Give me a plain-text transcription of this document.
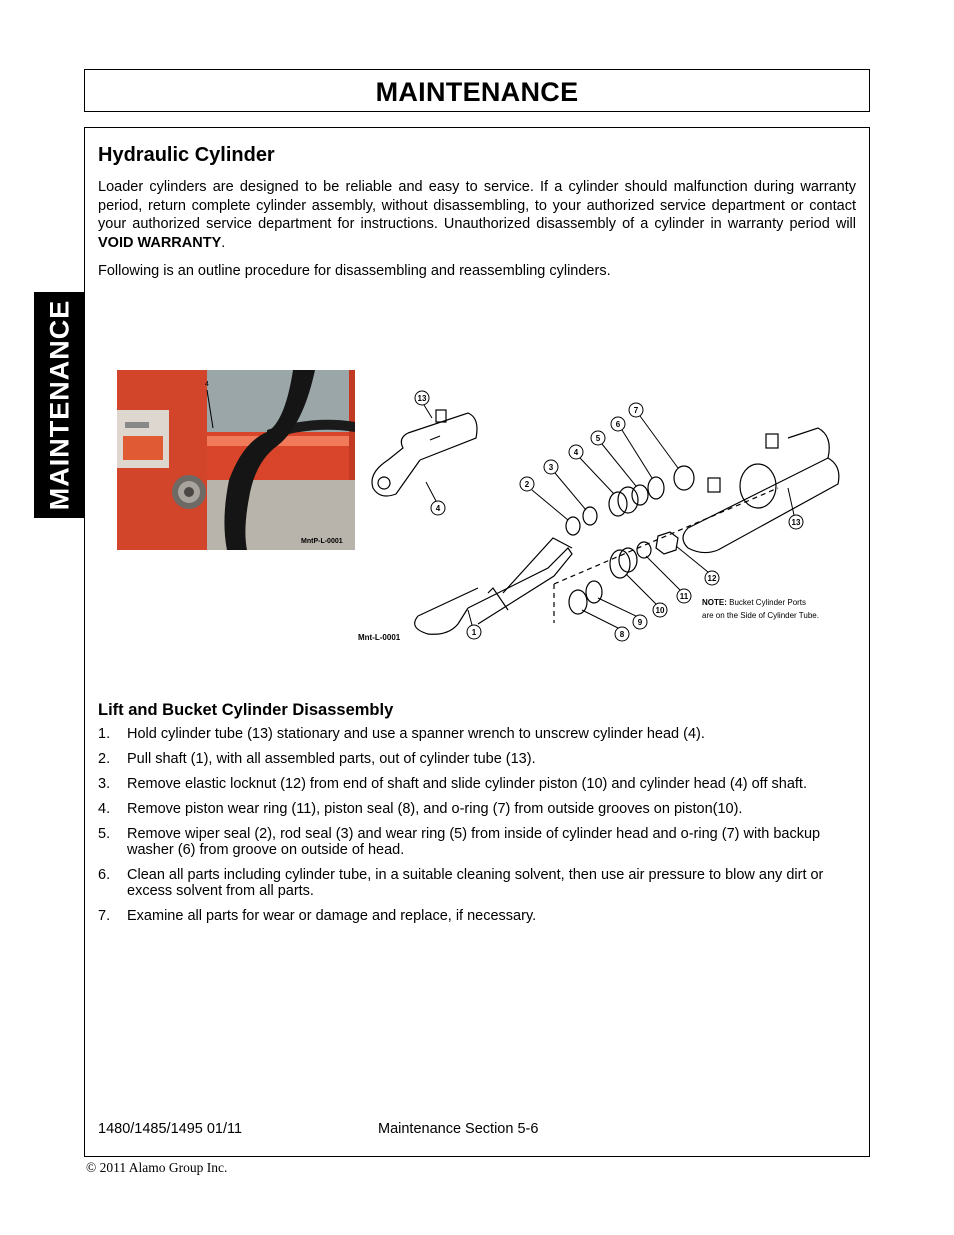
MAINTENANCE
MAINTENANCE
Hydraulic Cylinder

Loader cylinders are designed to be reliable and easy to service. If a cylinder should malfunction during warranty period, return complete cylinder assembly, without disassembling, to your authorized service department or contact your authorized service department for instructions. Unauthorized disassembly of a cylinder in warranty period will VOID WARRANTY.

Following is an outline procedure for disassembling and reassembling cylinders.

4
MntP-L-0001
13
4
2
3
4
5
6
7
1	8
9
10
11
12
13
NOTE: Bucket Cylinder Ports
are on the Side of Cylinder Tube.
Mnt-L-0001
Lift and Bucket Cylinder Disassembly
1. Hold cylinder tube (13) stationary and use a spanner wrench to unscrew cylinder head (4).
2. Pull shaft (1), with all assembled parts, out of cylinder tube (13).
3. Remove elastic locknut (12) from end of shaft and slide cylinder piston (10) and cylinder head (4) off shaft.
4. Remove piston wear ring (11), piston seal (8), and o-ring (7) from outside grooves on piston(10).
5. Remove wiper seal (2), rod seal (3) and wear ring (5) from inside of cylinder head and o-ring (7) with backup washer (6) from groove on outside of head.
6. Clean all parts including cylinder tube, in a suitable cleaning solvent, then use air pressure to blow any dirt or excess solvent from all parts.
7. Examine all parts for wear or damage and replace, if necessary.
1480/1485/1495 01/11	Maintenance Section 5-6
© 2011 Alamo Group Inc.
